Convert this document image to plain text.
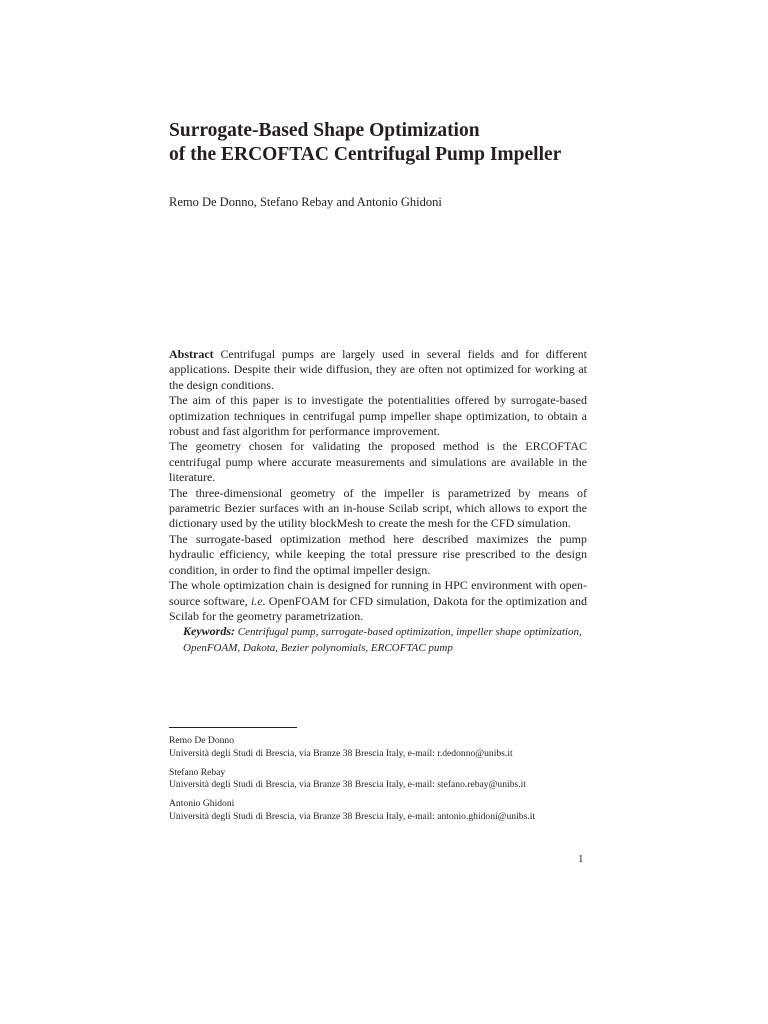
Surrogate-Based Shape Optimization
of the ERCOFTAC Centrifugal Pump Impeller
Remo De Donno, Stefano Rebay and Antonio Ghidoni

Abstract Centrifugal pumps are largely used in several fields and for different applications. Despite their wide diffusion, they are often not optimized for working at the design conditions.

The aim of this paper is to investigate the potentialities offered by surrogate-based optimization techniques in centrifugal pump impeller shape optimization, to obtain a robust and fast algorithm for performance improvement.

The geometry chosen for validating the proposed method is the ERCOFTAC centrifugal pump where accurate measurements and simulations are available in the literature.

The three-dimensional geometry of the impeller is parametrized by means of parametric Bezier surfaces with an in-house Scilab script, which allows to export the dictionary used by the utility blockMesh to create the mesh for the CFD simulation.

The surrogate-based optimization method here described maximizes the pump hydraulic efficiency, while keeping the total pressure rise prescribed to the design condition, in order to find the optimal impeller design.

The whole optimization chain is designed for running in HPC environment with open-source software, i.e. OpenFOAM for CFD simulation, Dakota for the optimization and Scilab for the geometry parametrization.

Keywords: Centrifugal pump, surrogate-based optimization, impeller shape optimization, OpenFOAM, Dakota, Bezier polynomials, ERCOFTAC pump

Remo De Donno
Università degli Studi di Brescia, via Branze 38 Brescia Italy, e-mail: r.dedonno@unibs.it
Stefano Rebay
Università degli Studi di Brescia, via Branze 38 Brescia Italy, e-mail: stefano.rebay@unibs.it
Antonio Ghidoni
Università degli Studi di Brescia, via Branze 38 Brescia Italy, e-mail: antonio.ghidoni@unibs.it
1
